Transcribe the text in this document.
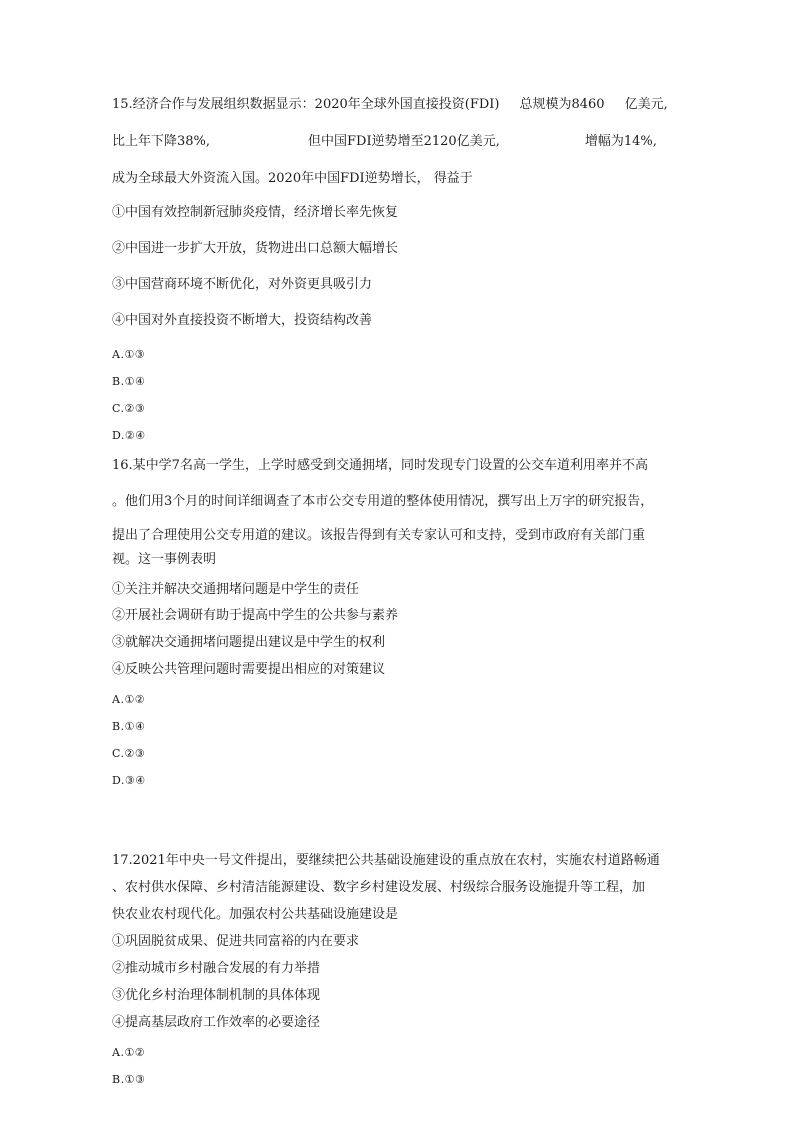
15.经济合作与发展组织数据显示：2020年全球外国直接投资(FDI) 总规模为8460 亿美元,
比上年下降38%,	但中国FDI逆势增至2120亿美元,	增幅为14%,
成为全球最大外资流入国。2020年中国FDI逆势增长， 得益于
①中国有效控制新冠肺炎疫情，经济增长率先恢复
②中国进一步扩大开放，货物进出口总额大幅增长
③中国营商环境不断优化，对外资更具吸引力
④中国对外直接投资不断增大，投资结构改善
A.①③
B.①④
C.②③
D.②④
16.某中学7名高一学生，上学时感受到交通拥堵，同时发现专门设置的公交车道利用率并不高
。他们用3个月的时间详细调查了本市公交专用道的整体使用情况，撰写出上万字的研究报告，
提出了合理使用公交专用道的建议。该报告得到有关专家认可和支持，受到市政府有关部门重
视。这一事例表明
①关注并解决交通拥堵问题是中学生的责任
②开展社会调研有助于提高中学生的公共参与素养
③就解决交通拥堵问题提出建议是中学生的权利
④反映公共管理问题时需要提出相应的对策建议
A.①②
B.①④
C.②③
D.③④
17.2021年中央一号文件提出，要继续把公共基础设施建设的重点放在农村，实施农村道路畅通
、农村供水保障、乡村清洁能源建设、数字乡村建设发展、村级综合服务设施提升等工程，加
快农业农村现代化。加强农村公共基础设施建设是
①巩固脱贫成果、促进共同富裕的内在要求
②推动城市乡村融合发展的有力举措
③优化乡村治理体制机制的具体体现
④提高基层政府工作效率的必要途径
A.①②
B.①③
